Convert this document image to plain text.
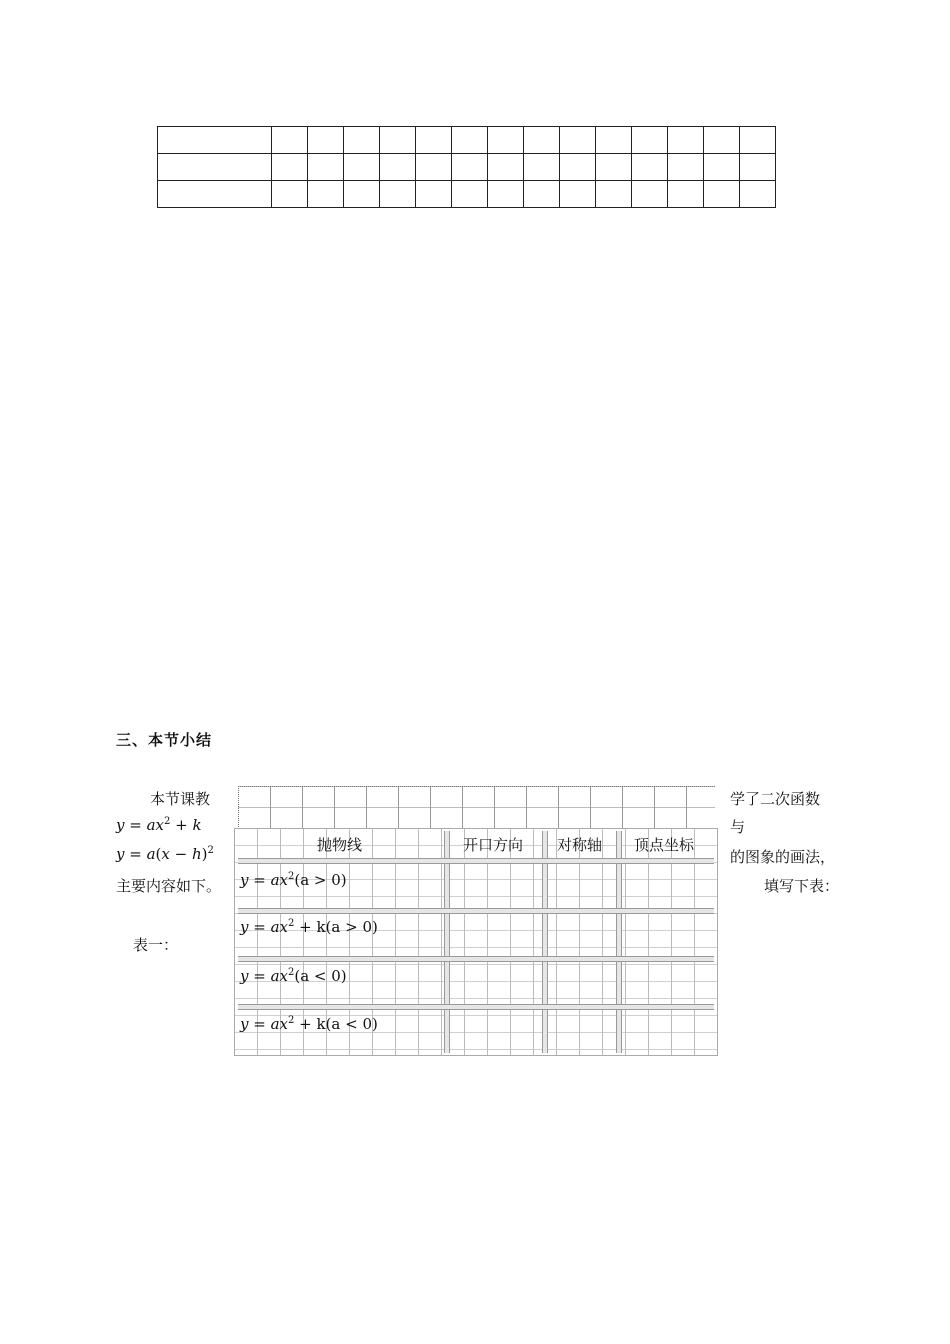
三、本节小结
本节课教	学了二次函数
$y = ax^2 + k$	与
$y = a(x - h)^2$	的图象的画法，
主要内容如下。	填写下表：
表一：
抛物线	开口方向 对称轴 顶点坐标
$y = ax^2(a > 0)$
$y = ax^2 + k(a > 0)$
$y = ax^2(a < 0)$
$y = ax^2 + k(a < 0)$
